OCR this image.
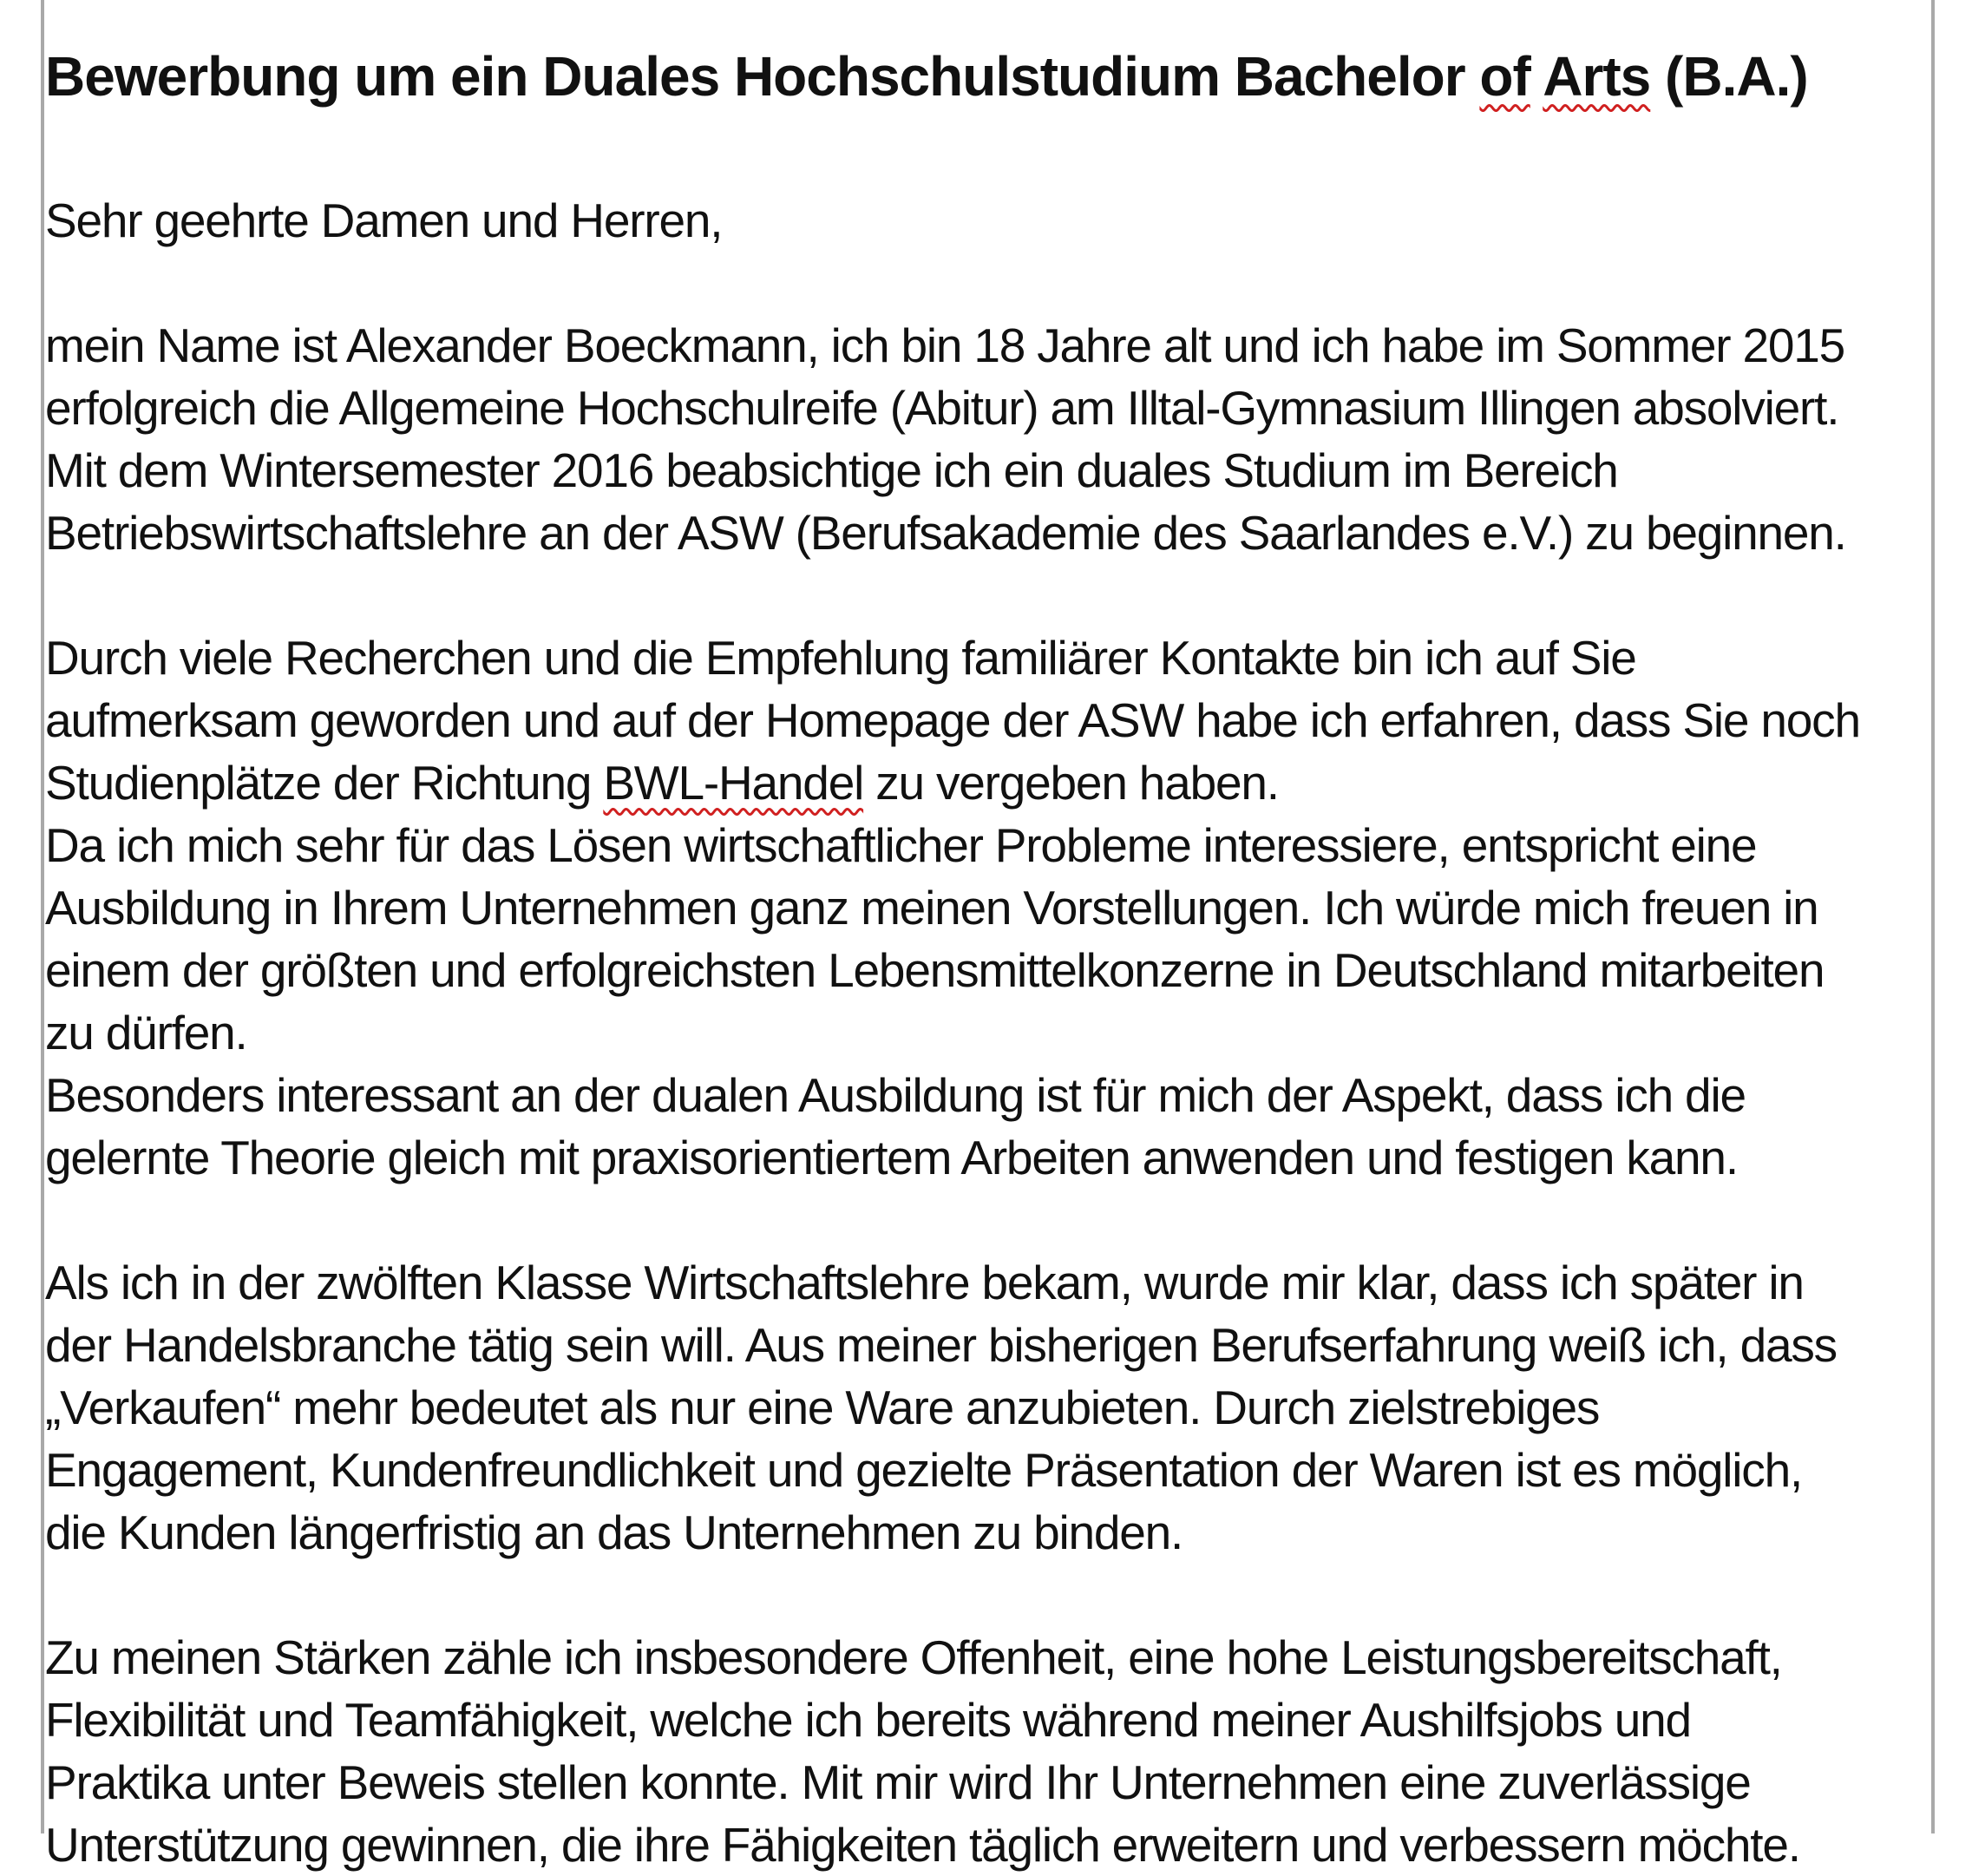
Bewerbung um ein Duales Hochschulstudium Bachelor of Arts (B.A.)

Sehr geehrte Damen und Herren,

mein Name ist Alexander Boeckmann, ich bin 18 Jahre alt und ich habe im Sommer 2015

erfolgreich die Allgemeine Hochschulreife (Abitur) am Illtal-Gymnasium Illingen absolviert.

Mit dem Wintersemester 2016 beabsichtige ich ein duales Studium im Bereich

Betriebswirtschaftslehre an der ASW (Berufsakademie des Saarlandes e.V.) zu beginnen.

Durch viele Recherchen und die Empfehlung familiärer Kontakte bin ich auf Sie

aufmerksam geworden und auf der Homepage der ASW habe ich erfahren, dass Sie noch

Studienplätze der Richtung BWL-Handel zu vergeben haben.

Da ich mich sehr für das Lösen wirtschaftlicher Probleme interessiere, entspricht eine

Ausbildung in Ihrem Unternehmen ganz meinen Vorstellungen. Ich würde mich freuen in

einem der größten und erfolgreichsten Lebensmittelkonzerne in Deutschland mitarbeiten

zu dürfen.

Besonders interessant an der dualen Ausbildung ist für mich der Aspekt, dass ich die

gelernte Theorie gleich mit praxisorientiertem Arbeiten anwenden und festigen kann.

Als ich in der zwölften Klasse Wirtschaftslehre bekam, wurde mir klar, dass ich später in

der Handelsbranche tätig sein will. Aus meiner bisherigen Berufserfahrung weiß ich, dass

„Verkaufen“ mehr bedeutet als nur eine Ware anzubieten. Durch zielstrebiges

Engagement, Kundenfreundlichkeit und gezielte Präsentation der Waren ist es möglich,

die Kunden längerfristig an das Unternehmen zu binden.

Zu meinen Stärken zähle ich insbesondere Offenheit, eine hohe Leistungsbereitschaft,

Flexibilität und Teamfähigkeit, welche ich bereits während meiner Aushilfsjobs und

Praktika unter Beweis stellen konnte. Mit mir wird Ihr Unternehmen eine zuverlässige

Unterstützung gewinnen, die ihre Fähigkeiten täglich erweitern und verbessern möchte.
